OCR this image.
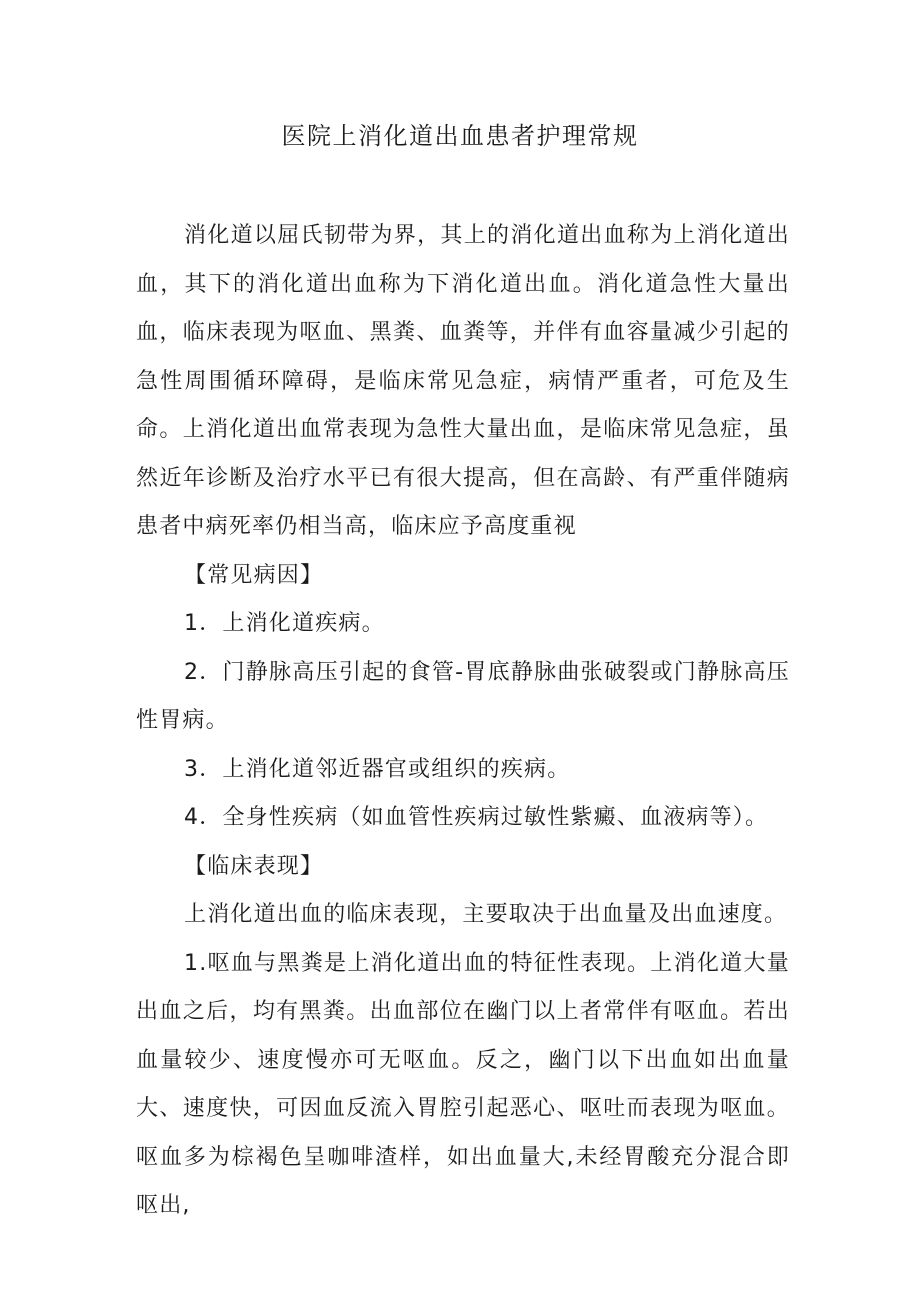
医院上消化道出血患者护理常规

消化道以屈氏韧带为界，其上的消化道出血称为上消化道出血，其下的消化道出血称为下消化道出血。消化道急性大量出血，临床表现为呕血、黑粪、血粪等，并伴有血容量减少引起的急性周围循环障碍，是临床常见急症，病情严重者，可危及生命。上消化道出血常表现为急性大量出血，是临床常见急症，虽然近年诊断及治疗水平已有很大提高，但在高龄、有严重伴随病患者中病死率仍相当高，临床应予高度重视

【常见病因】

1．上消化道疾病。

2．门静脉高压引起的食管-胃底静脉曲张破裂或门静脉高压性胃病。

3．上消化道邻近器官或组织的疾病。

4．全身性疾病（如血管性疾病过敏性紫癜、血液病等）。

【临床表现】

上消化道出血的临床表现，主要取决于出血量及出血速度。

1.呕血与黑粪是上消化道出血的特征性表现。上消化道大量出血之后，均有黑粪。出血部位在幽门以上者常伴有呕血。若出血量较少、速度慢亦可无呕血。反之，幽门以下出血如出血量大、速度快，可因血反流入胃腔引起恶心、呕吐而表现为呕血。呕血多为棕褐色呈咖啡渣样，如出血量大,未经胃酸充分混合即呕出,
